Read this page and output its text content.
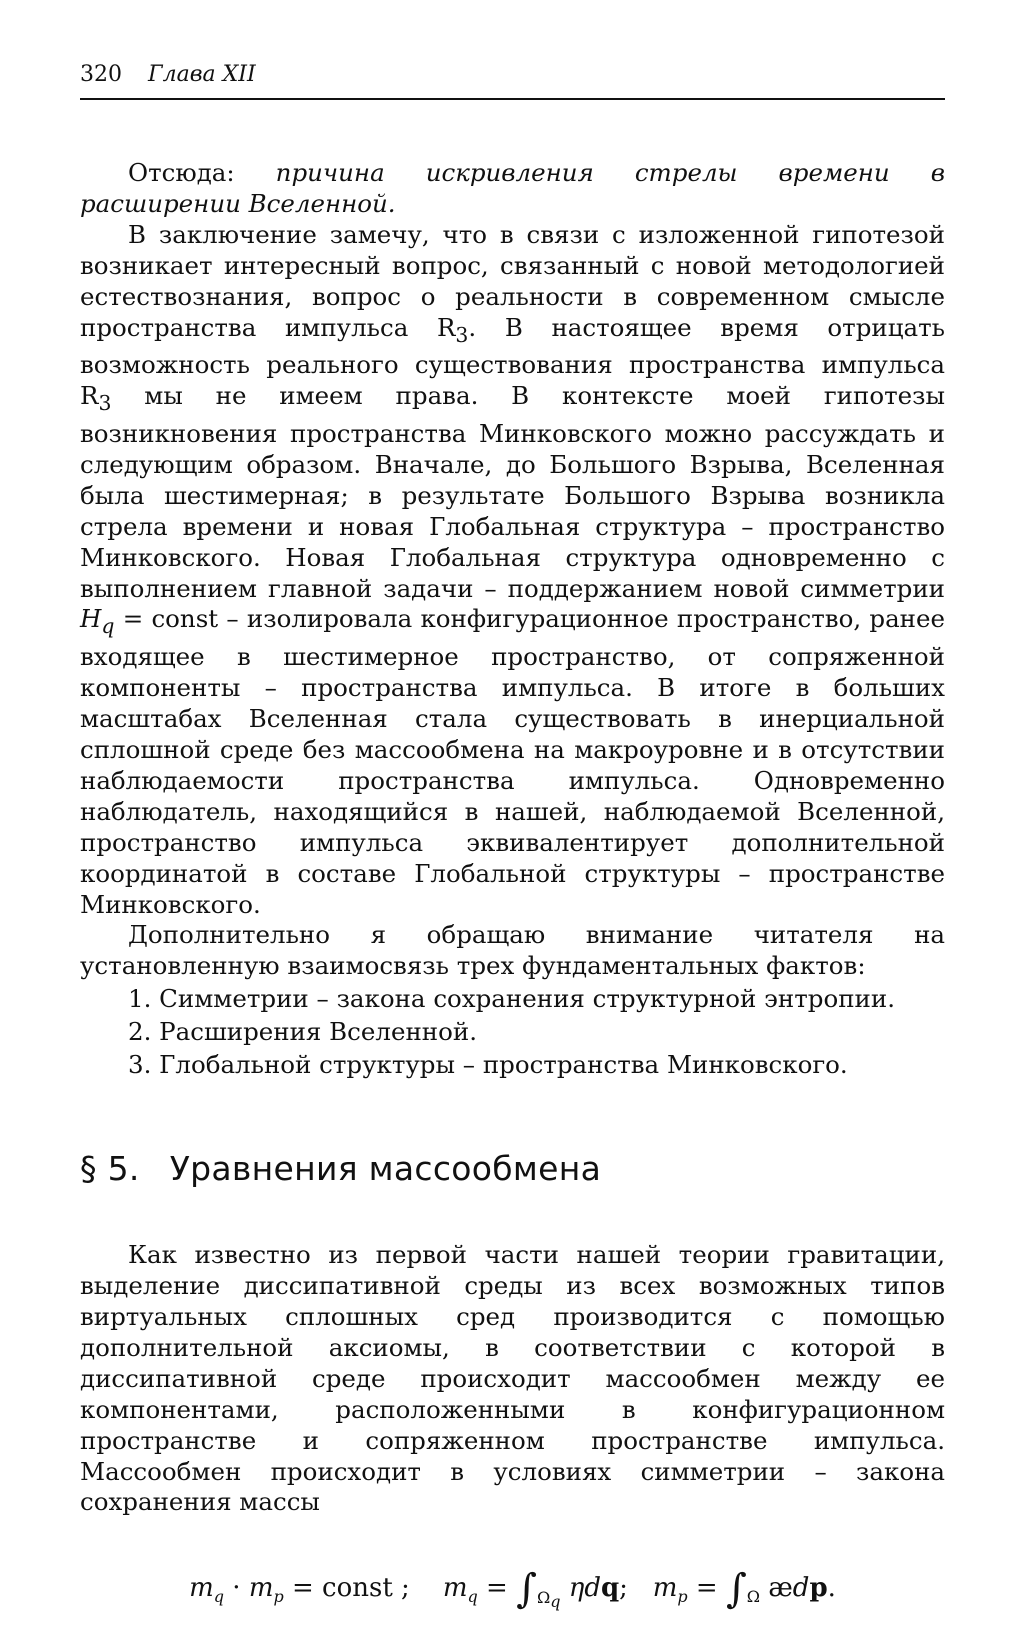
320 Глава XII

Отсюда: причина искривления стрелы времени в расширении Вселенной.

В заключение замечу, что в связи с изложенной гипотезой возникает интересный вопрос, связанный с новой методологией естествознания, вопрос о реальности в современном смысле пространства импульса $R_3$. В настоящее время отрицать возможность реального существования пространства импульса $R_3$ мы не имеем права. В контексте моей гипотезы возникновения пространства Минковского можно рассуждать и следующим образом. Вначале, до Большого Взрыва, Вселенная была шестимерная; в результате Большого Взрыва возникла стрела времени и новая Глобальная структура – пространство Минковского. Новая Глобальная структура одновременно с выполнением главной задачи – поддержанием новой симметрии $H_q$ = const – изолировала конфигурационное пространство, ранее входящее в шестимерное пространство, от сопряженной компоненты – пространства импульса. В итоге в больших масштабах Вселенная стала существовать в инерциальной сплошной среде без массообмена на макроуровне и в отсутствии наблюдаемости пространства импульса. Одновременно наблюдатель, находящийся в нашей, наблюдаемой Вселенной, пространство импульса эквивалентирует дополнительной координатой в составе Глобальной структуры – пространстве Минковского.

Дополнительно я обращаю внимание читателя на установленную взаимосвязь трех фундаментальных фактов:

1. Симметрии – закона сохранения структурной энтропии.
2. Расширения Вселенной.
3. Глобальной структуры – пространства Минковского.
§ 5. Уравнения массообмена

Как известно из первой части нашей теории гравитации, выделение диссипативной среды из всех возможных типов виртуальных сплошных сред производится с помощью дополнительной аксиомы, в соответствии с которой в диссипативной среде происходит массообмен между ее компонентами, расположенными в конфигурационном пространстве и сопряженном пространстве импульса. Массообмен происходит в условиях симметрии – закона сохранения массы

$m_q \cdot m_p$ = const ; $m_q = \int_{\Omega_q}$ ηdq; $m_p = \int_\Omega$ ædp.
